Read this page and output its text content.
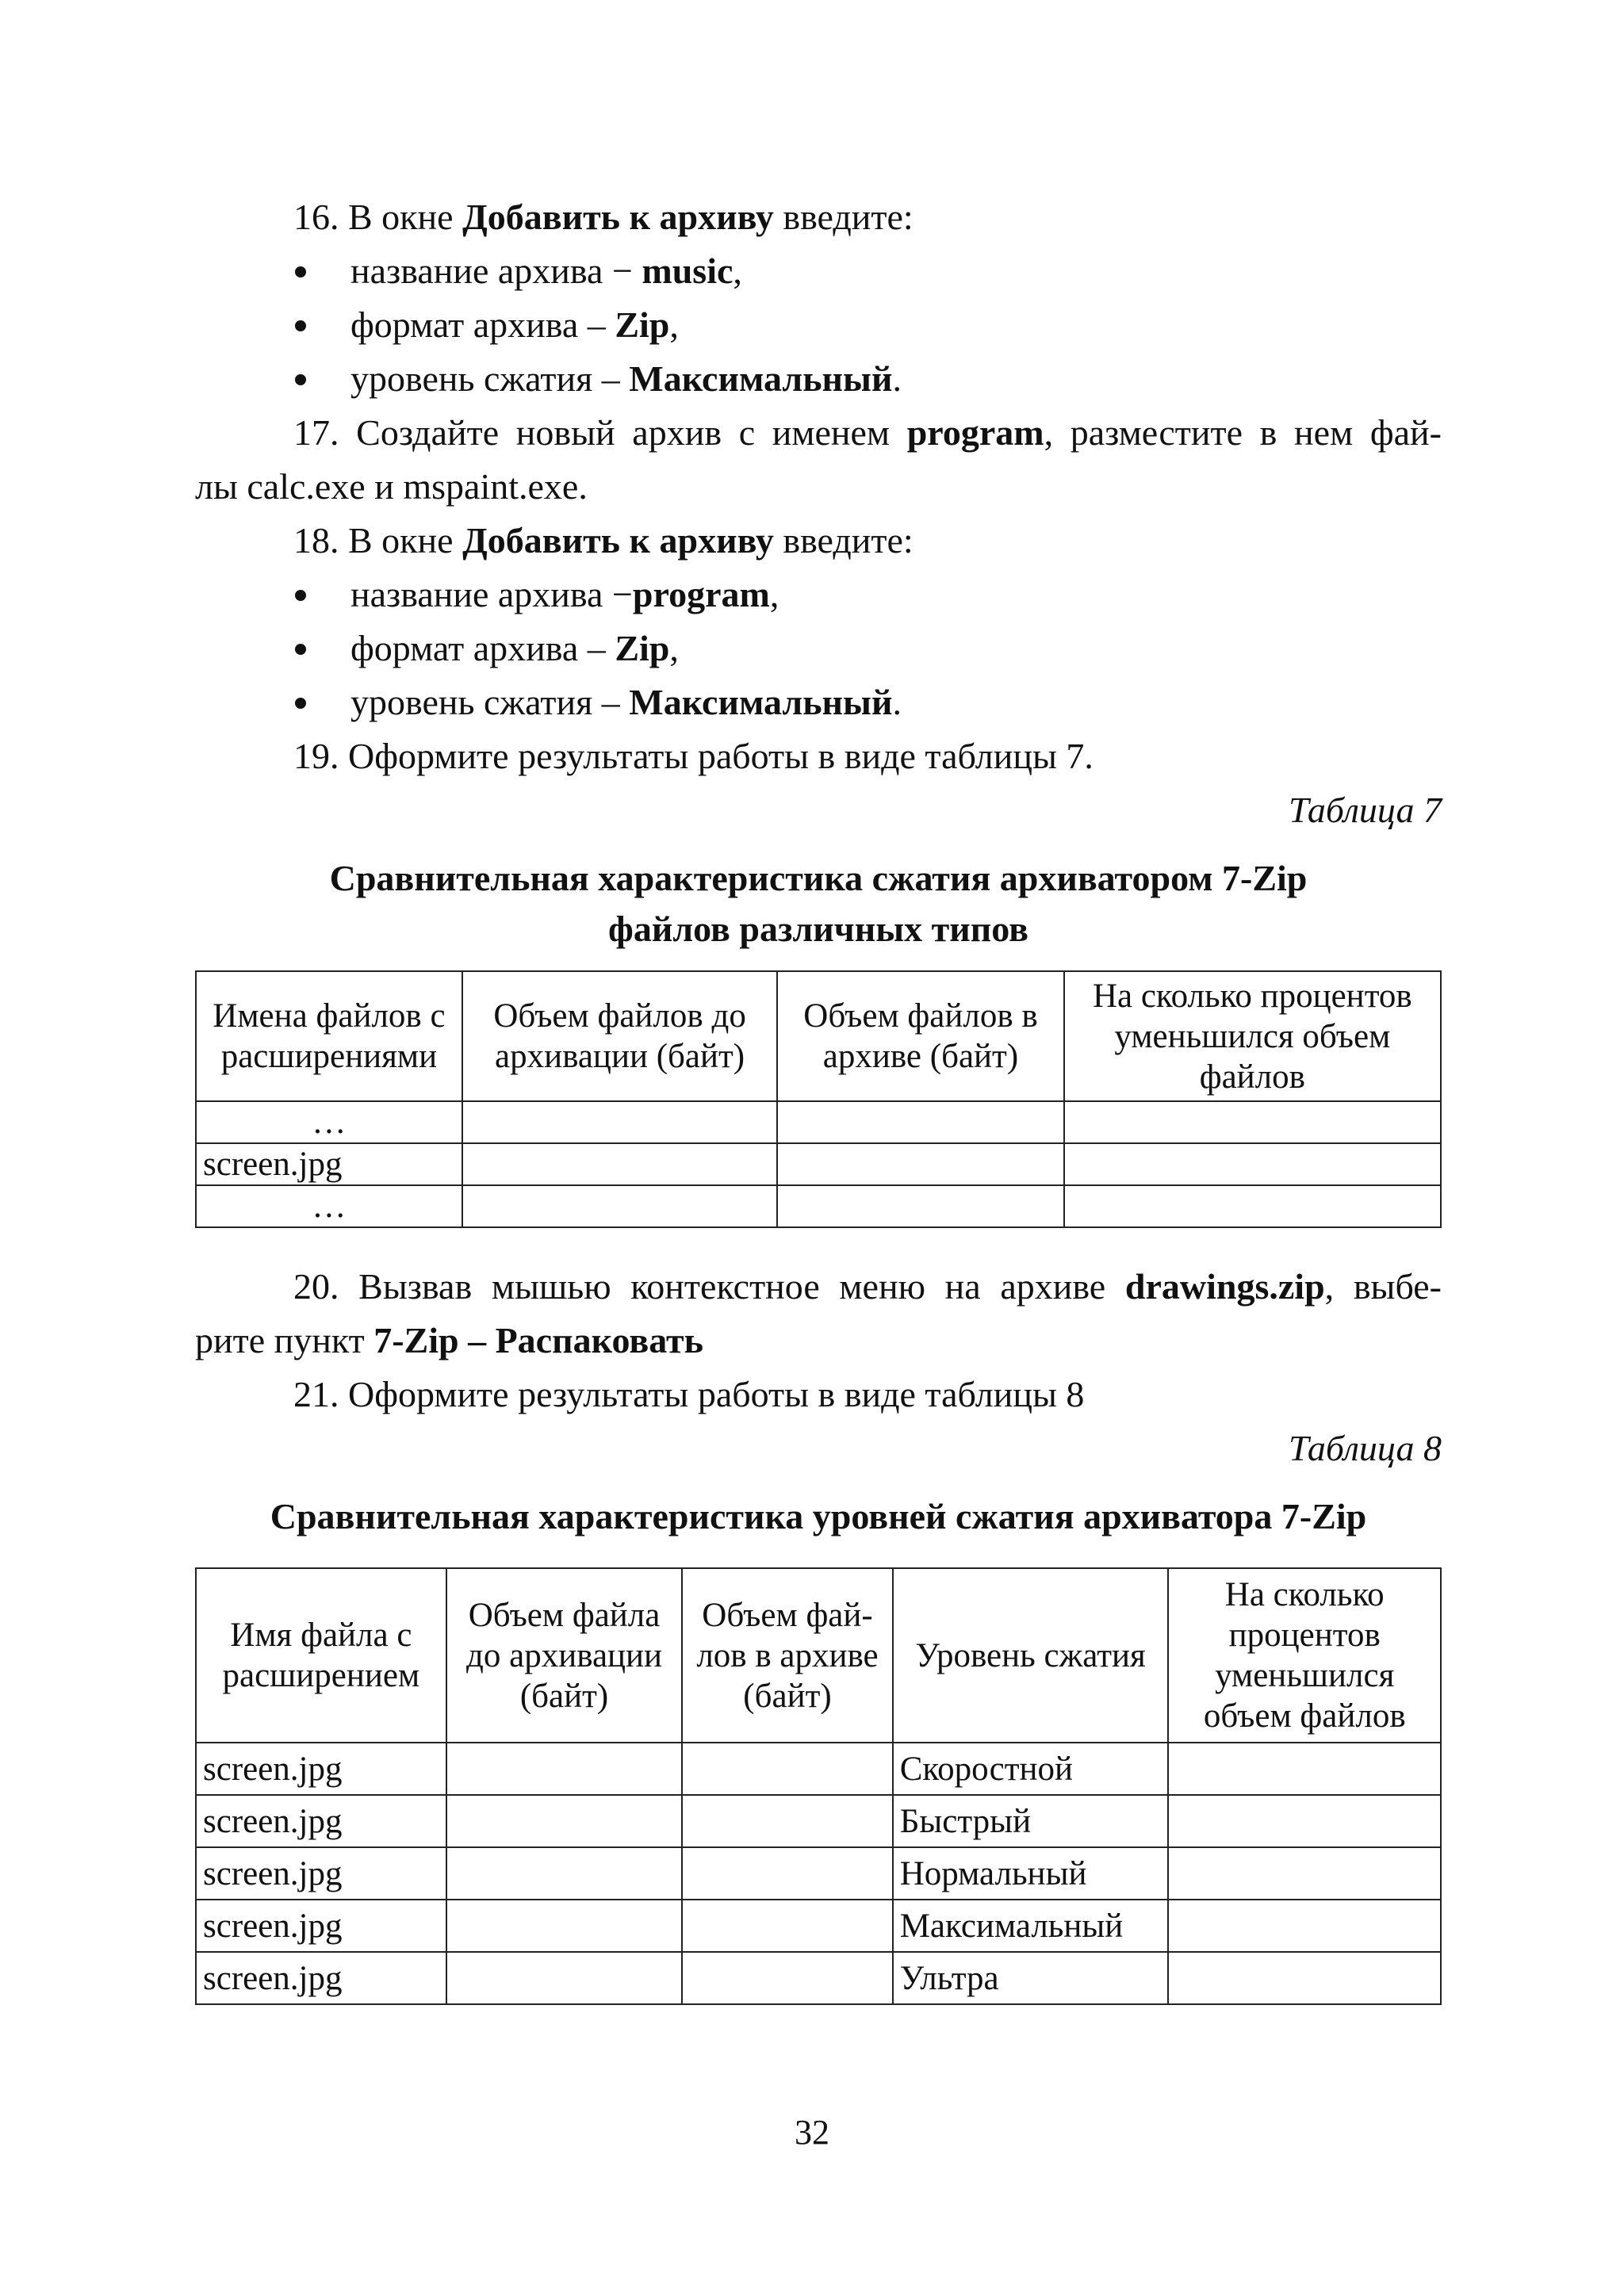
16. В окне Добавить к архиву введите:

название архива − music,

формат архива – Zip,

уровень сжатия – Максимальный.

17. Создайте новый архив с именем program, разместите в нем фай-

лы calc.exe и mspaint.exe.

18. В окне Добавить к архиву введите:

название архива −program,

формат архива – Zip,

уровень сжатия – Максимальный.

19. Оформите результаты работы в виде таблицы 7.

Таблица 7

Сравнительная характеристика сжатия архиватором 7-Zip

файлов различных типов

Имена файлов с расширениями	Объем файлов до архивации (байт)	Объем файлов в архиве (байт)	На сколько процентов уменьшился объем файлов
…			
screen.jpg			
…			

20. Вызвав мышью контекстное меню на архиве drawings.zip, выбе-

рите пункт 7-Zip – Распаковать

21. Оформите результаты работы в виде таблицы 8

Таблица 8

Сравнительная характеристика уровней сжатия архиватора 7-Zip

Имя файла с расширением	Объем файла до архивации (байт)	Объем фай-лов в архиве (байт)	Уровень сжатия	На сколько процентов уменьшился объем файлов
screen.jpg			Скоростной	
screen.jpg			Быстрый	
screen.jpg			Нормальный	
screen.jpg			Максимальный	
screen.jpg			Ультра	
32
